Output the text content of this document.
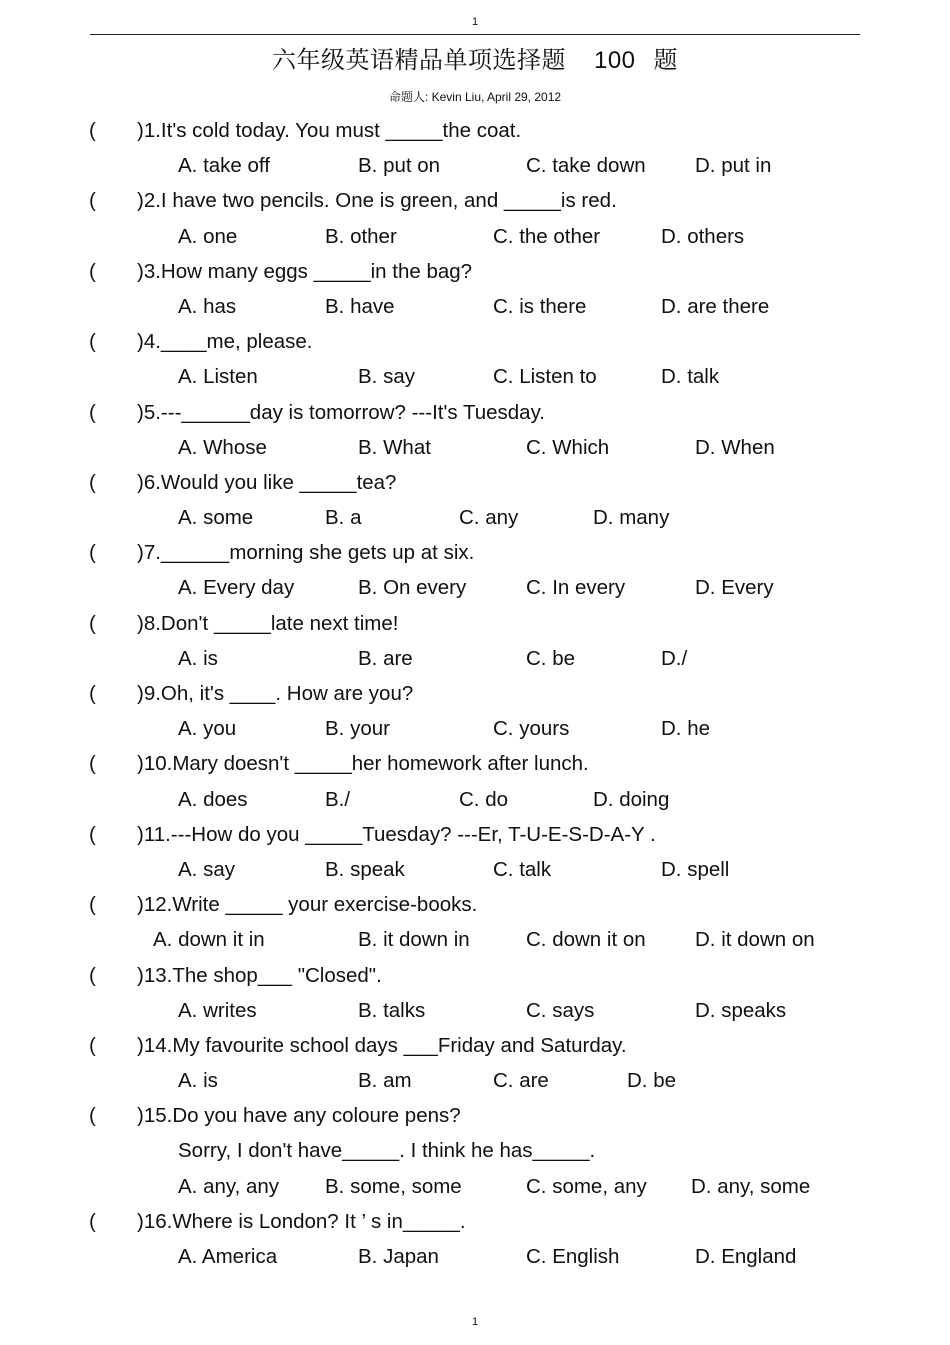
1
六年级英语精品单项选择题 100 题
命题人: Kevin Liu, April 29, 2012
( )1.It's cold today. You must _____the coat.
A. take off	B. put on	C. take down D. put in
( )2.I have two pencils. One is green, and _____is red.
A. one	B. other	C. the other	D. others
( )3.How many eggs _____in the bag?
A. has	B. have	C. is there	D. are there
( )4.____me, please.
A. Listen	B. say	C. Listen to	D. talk
( )5.---______day is tomorrow? ---It's Tuesday.
A. Whose	B. What	C. Which	D. When
( )6.Would you like _____tea?
A. some	B. a	C. any	D. many
( )7.______morning she gets up at six.
A. Every day	B. On every	C. In every	D. Every
( )8.Don't _____late next time!
A. is	B. are	C. be	D./
( )9.Oh, it's ____. How are you?
A. you	B. your	C. yours	D. he
( )10.Mary doesn't _____her homework after lunch.
A. does	B./	C. do	D. doing
( )11.---How do you _____Tuesday? ---Er, T-U-E-S-D-A-Y .
A. say	B. speak	C. talk	D. spell
( )12.Write _____ your exercise-books.
A. down it in	B. it down in	C. down it on D. it down on
( )13.The shop___ "Closed".
A. writes	B. talks	C. says	D. speaks
( )14.My favourite school days ___Friday and Saturday.
A. is	B. am	C. are	D. be
( )15.Do you have any coloure pens?
Sorry, I don't have_____. I think he has_____.
A. any, any B. some, some	C. some, any D. any, some
( )16.Where is London? It ’ s in_____.
A. America	B. Japan	C. English	D. England
1
